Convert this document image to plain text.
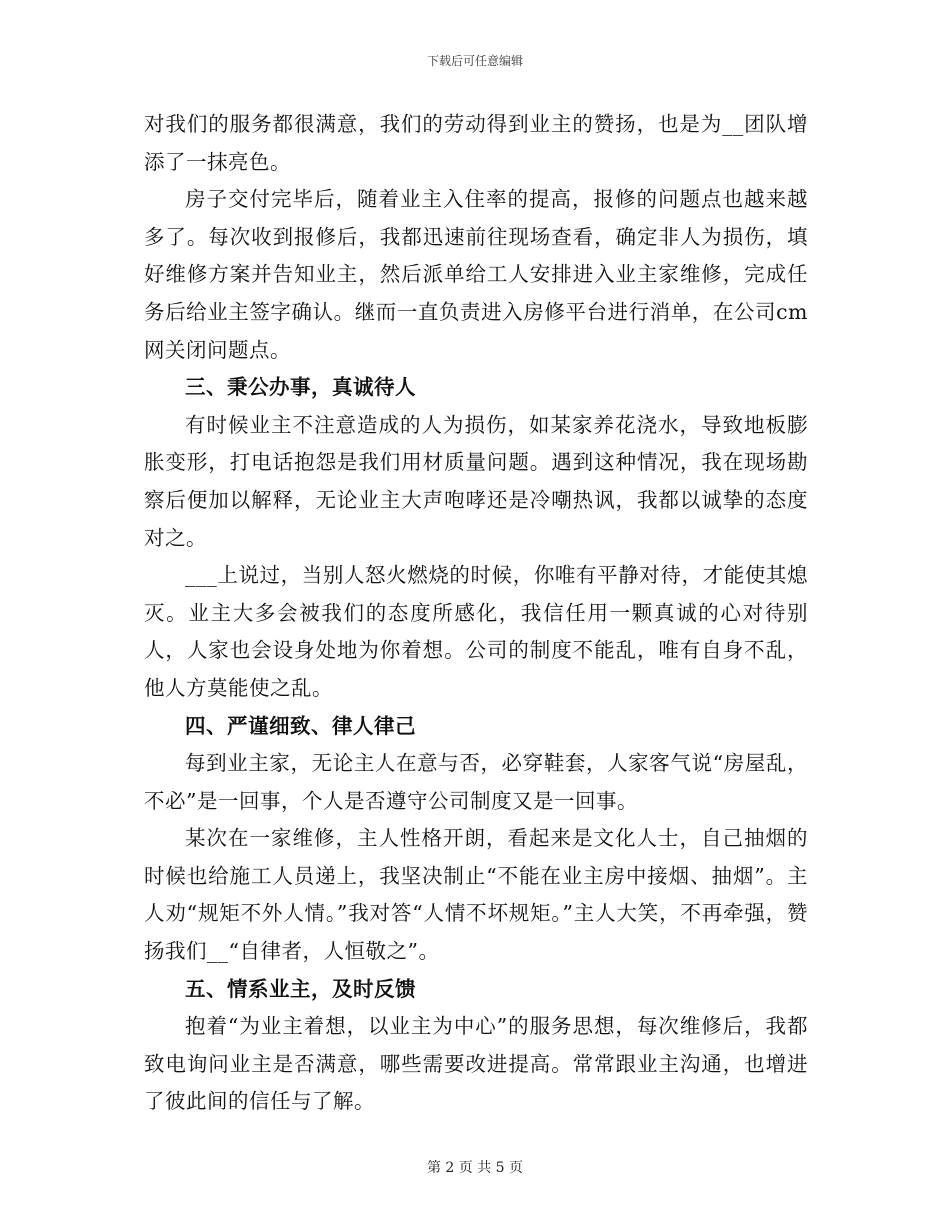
下载后可任意编辑

对我们的服务都很满意，我们的劳动得到业主的赞扬，也是为__团队增添了一抹亮色。

房子交付完毕后，随着业主入住率的提高，报修的问题点也越来越多了。每次收到报修后，我都迅速前往现场查看，确定非人为损伤，填好维修方案并告知业主，然后派单给工人安排进入业主家维修，完成任务后给业主签字确认。继而一直负责进入房修平台进行消单，在公司cm网关闭问题点。

三、秉公办事，真诚待人

有时候业主不注意造成的人为损伤，如某家养花浇水，导致地板膨胀变形，打电话抱怨是我们用材质量问题。遇到这种情况，我在现场勘察后便加以解释，无论业主大声咆哮还是冷嘲热讽，我都以诚挚的态度对之。

___上说过，当别人怒火燃烧的时候，你唯有平静对待，才能使其熄灭。业主大多会被我们的态度所感化，我信任用一颗真诚的心对待别人，人家也会设身处地为你着想。公司的制度不能乱，唯有自身不乱，他人方莫能使之乱。

四、严谨细致、律人律己

每到业主家，无论主人在意与否，必穿鞋套，人家客气说“房屋乱，不必”是一回事，个人是否遵守公司制度又是一回事。

某次在一家维修，主人性格开朗，看起来是文化人士，自己抽烟的时候也给施工人员递上，我坚决制止“不能在业主房中接烟、抽烟”。主人劝“规矩不外人情。”我对答“人情不坏规矩。”主人大笑，不再牵强，赞扬我们__“自律者，人恒敬之”。

五、情系业主，及时反馈

抱着“为业主着想，以业主为中心”的服务思想，每次维修后，我都致电询问业主是否满意，哪些需要改进提高。常常跟业主沟通，也增进了彼此间的信任与了解。

第 2 页 共 5 页
